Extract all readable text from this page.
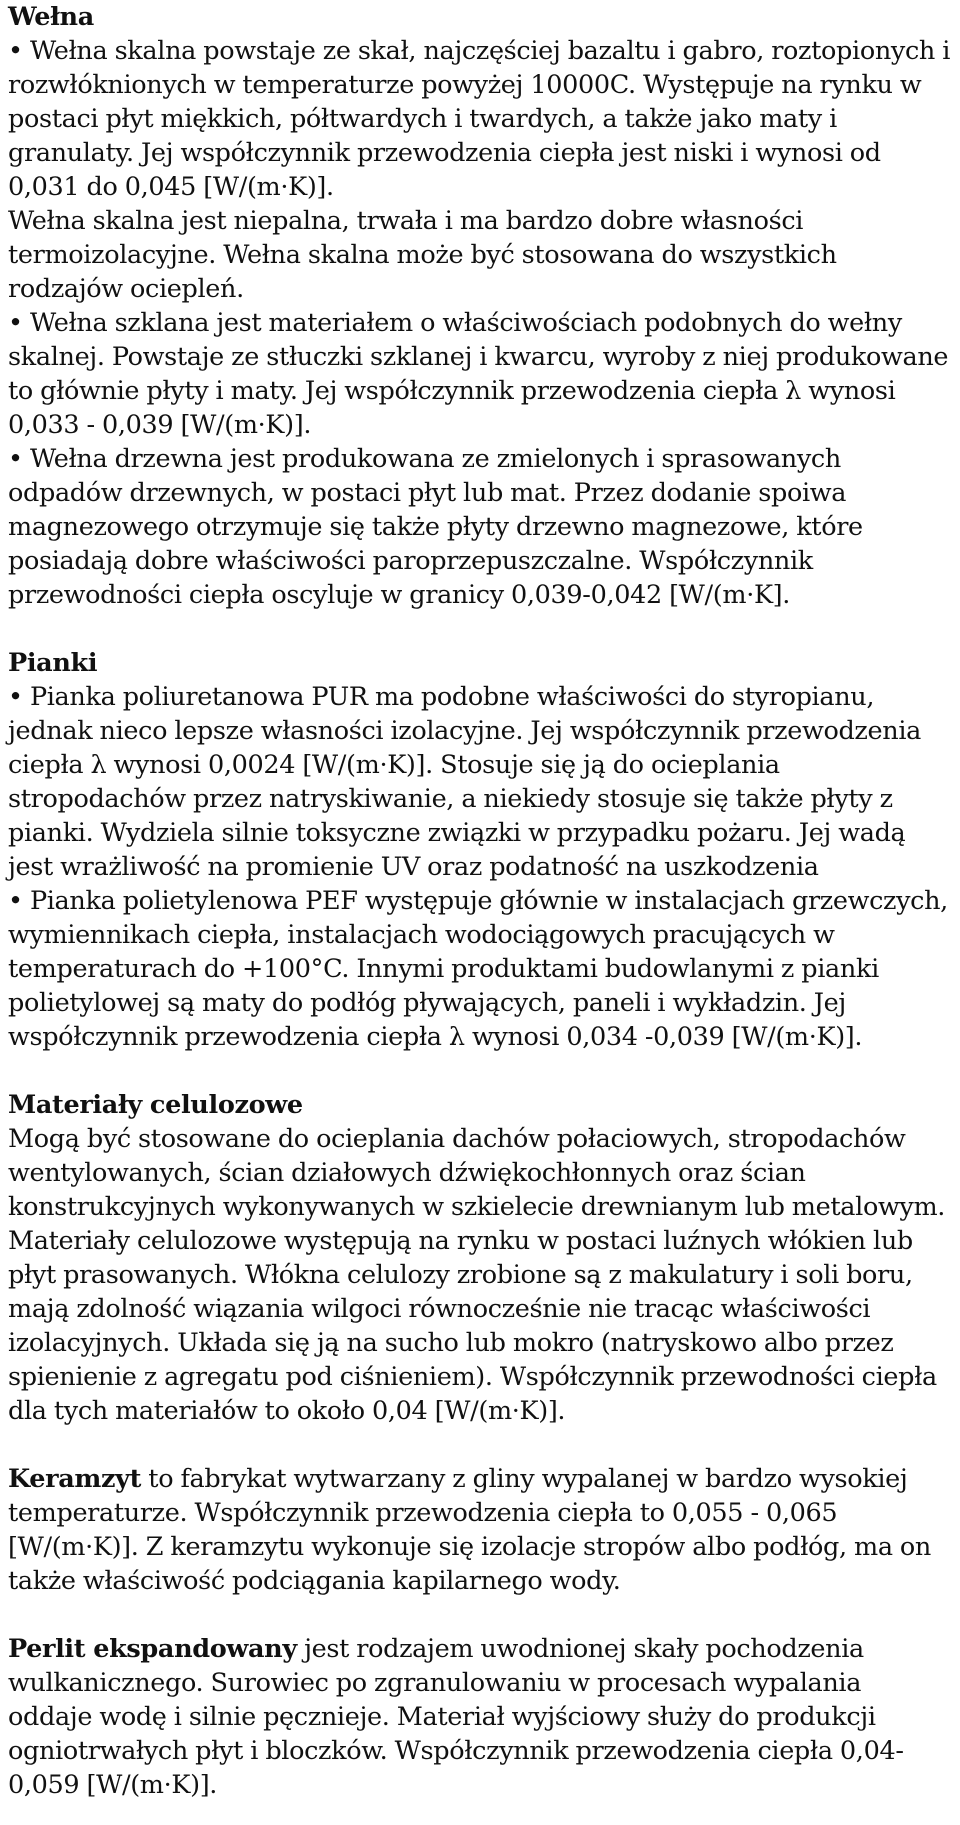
Wełna

• Wełna skalna powstaje ze skał, najczęściej bazaltu i gabro, roztopionych i rozwłóknionych w temperaturze powyżej 10000C. Występuje na rynku w postaci płyt miękkich, półtwardych i twardych, a także jako maty i granulaty. Jej współczynnik przewodzenia ciepła jest niski i wynosi od 0,031 do 0,045 [W/(m·K)].

Wełna skalna jest niepalna, trwała i ma bardzo dobre własności termoizolacyjne. Wełna skalna może być stosowana do wszystkich rodzajów ociepleń.

• Wełna szklana jest materiałem o właściwościach podobnych do wełny skalnej. Powstaje ze stłuczki szklanej i kwarcu, wyroby z niej produkowane to głównie płyty i maty. Jej współczynnik przewodzenia ciepła λ wynosi 0,033 - 0,039 [W/(m·K)].

• Wełna drzewna jest produkowana ze zmielonych i sprasowanych odpadów drzewnych, w postaci płyt lub mat. Przez dodanie spoiwa magnezowego otrzymuje się także płyty drzewno magnezowe, które posiadają dobre właściwości paroprzepuszczalne. Współczynnik przewodności ciepła oscyluje w granicy 0,039-0,042 [W/(m·K].

Pianki

• Pianka poliuretanowa PUR ma podobne właściwości do styropianu, jednak nieco lepsze własności izolacyjne. Jej współczynnik przewodzenia ciepła λ wynosi 0,0024 [W/(m·K)]. Stosuje się ją do ocieplania stropodachów przez natryskiwanie, a niekiedy stosuje się także płyty z pianki. Wydziela silnie toksyczne związki w przypadku pożaru. Jej wadą jest wrażliwość na promienie UV oraz podatność na uszkodzenia

• Pianka polietylenowa PEF występuje głównie w instalacjach grzewczych, wymiennikach ciepła, instalacjach wodociągowych pracujących w temperaturach do +100°C. Innymi produktami budowlanymi z pianki polietylowej są maty do podłóg pływających, paneli i wykładzin. Jej współczynnik przewodzenia ciepła λ wynosi 0,034 -0,039 [W/(m·K)].

Materiały celulozowe

Mogą być stosowane do ocieplania dachów połaciowych, stropodachów wentylowanych, ścian działowych dźwiękochłonnych oraz ścian konstrukcyjnych wykonywanych w szkielecie drewnianym lub metalowym. Materiały celulozowe występują na rynku w postaci luźnych włókien lub płyt prasowanych. Włókna celulozy zrobione są z makulatury i soli boru, mają zdolność wiązania wilgoci równocześnie nie tracąc właściwości izolacyjnych. Układa się ją na sucho lub mokro (natryskowo albo przez spienienie z agregatu pod ciśnieniem). Współczynnik przewodności ciepła dla tych materiałów to około 0,04 [W/(m·K)].

Keramzyt to fabrykat wytwarzany z gliny wypalanej w bardzo wysokiej temperaturze. Współczynnik przewodzenia ciepła to 0,055 - 0,065 [W/(m·K)]. Z keramzytu wykonuje się izolacje stropów albo podłóg, ma on także właściwość podciągania kapilarnego wody.

Perlit ekspandowany jest rodzajem uwodnionej skały pochodzenia wulkanicznego. Surowiec po zgranulowaniu w procesach wypalania oddaje wodę i silnie pęcznieje. Materiał wyjściowy służy do produkcji ogniotrwałych płyt i bloczków. Współczynnik przewodzenia ciepła 0,04-0,059 [W/(m·K)].
